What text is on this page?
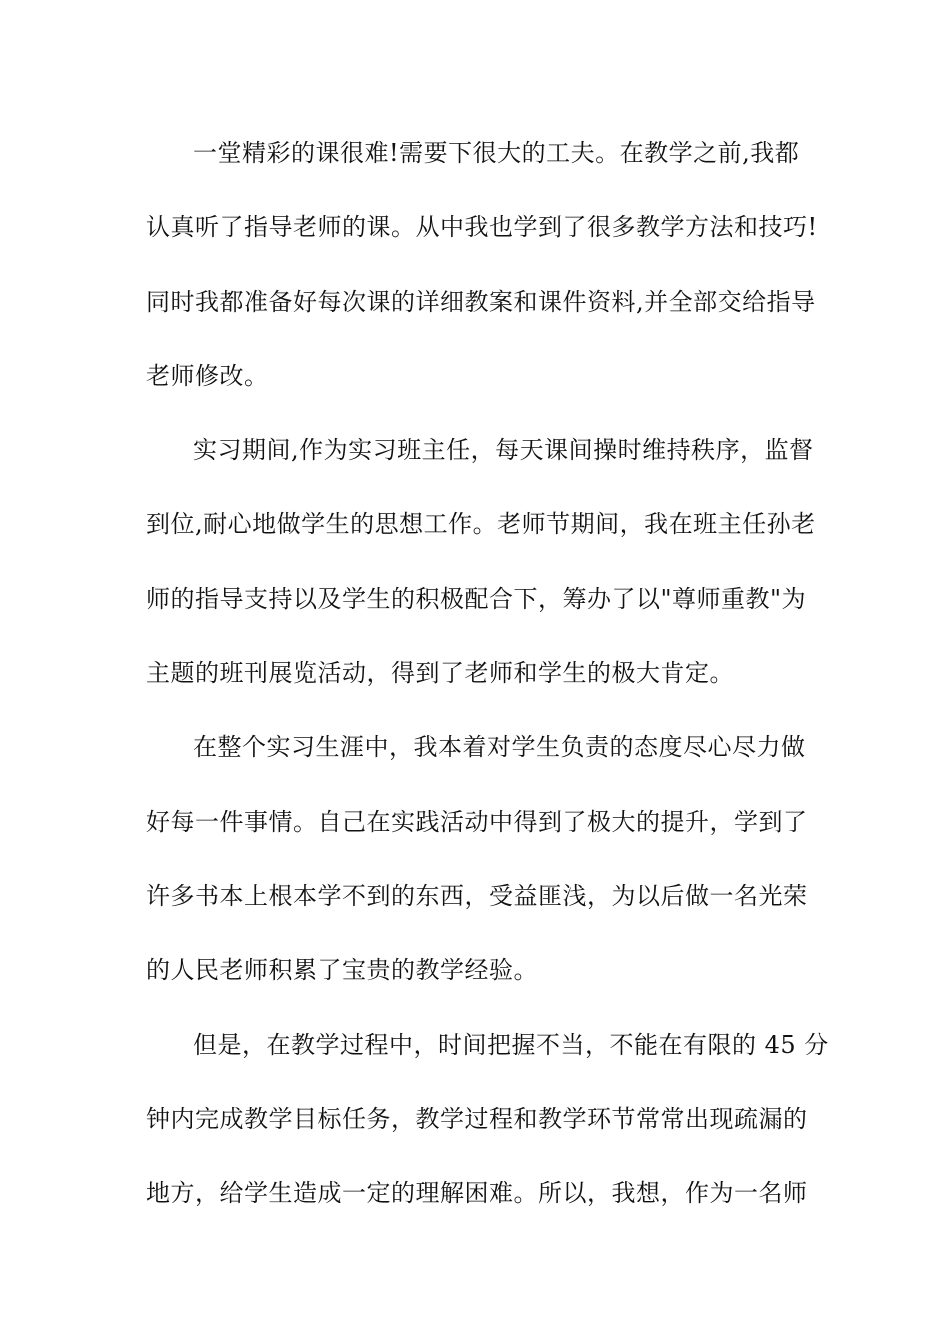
一堂精彩的课很难!需要下很大的工夫。在教学之前,我都
认真听了指导老师的课。从中我也学到了很多教学方法和技巧!
同时我都准备好每次课的详细教案和课件资料,并全部交给指导
老师修改。
实习期间,作为实习班主任，每天课间操时维持秩序，监督
到位,耐心地做学生的思想工作。老师节期间，我在班主任孙老
师的指导支持以及学生的积极配合下，筹办了以"尊师重教"为
主题的班刊展览活动，得到了老师和学生的极大肯定。
在整个实习生涯中，我本着对学生负责的态度尽心尽力做
好每一件事情。自己在实践活动中得到了极大的提升，学到了
许多书本上根本学不到的东西，受益匪浅，为以后做一名光荣
的人民老师积累了宝贵的教学经验。
但是，在教学过程中，时间把握不当，不能在有限的 45 分
钟内完成教学目标任务，教学过程和教学环节常常出现疏漏的
地方，给学生造成一定的理解困难。所以，我想，作为一名师
